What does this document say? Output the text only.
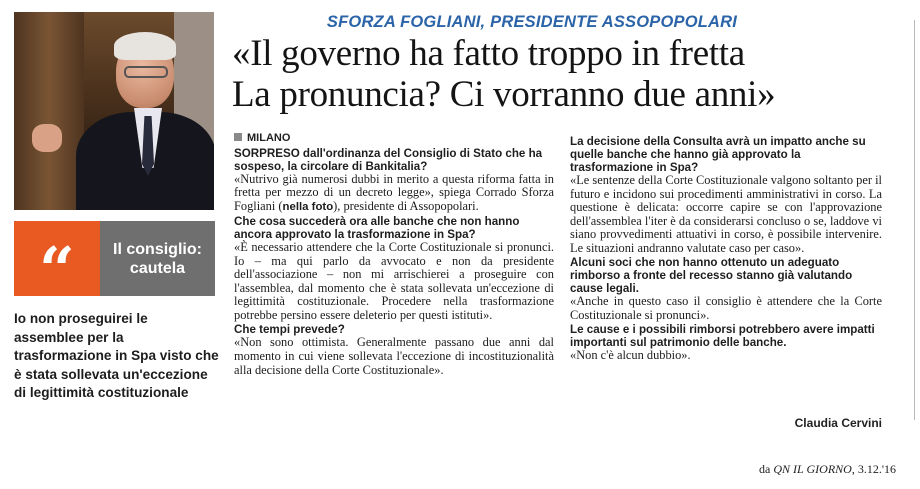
“	Il consiglio: cautela
Io non proseguirei le assemblee per la trasformazione in Spa visto che è stata sollevata un'eccezione di legittimità costituzionale
SFORZA FOGLIANI, PRESIDENTE ASSOPOPOLARI
«Il governo ha fatto troppo in fretta
La pronuncia? Ci vorranno due anni»
MILANO

SORPRESO dall'ordinanza del Consiglio di Stato che ha sospeso, la circolare di Bankitalia?

«Nutrivo già numerosi dubbi in merito a questa riforma fatta in fretta per mezzo di un decreto legge», spiega Corrado Sforza Fogliani (nella foto), presidente di Assopopolari.

Che cosa succederà ora alle banche che non hanno ancora approvato la trasformazione in Spa?

«È necessario attendere che la Corte Costituzionale si pronunci. Io – ma qui parlo da avvocato e non da presidente dell'associazione – non mi arrischierei a proseguire con l'assemblea, dal momento che è stata sollevata un'eccezione di legittimità costituzionale. Procedere nella trasformazione potrebbe persino essere deleterio per questi istituti».

Che tempi prevede?

«Non sono ottimista. Generalmente passano due anni dal momento in cui viene sollevata l'eccezione di incostituzionalità alla decisione della Corte Costituzionale».

La decisione della Consulta avrà un impatto anche su quelle banche che hanno già approvato la trasformazione in Spa?

«Le sentenze della Corte Costituzionale valgono soltanto per il futuro e incidono sui procedimenti amministrativi in corso. La questione è delicata: occorre capire se con l'approvazione dell'assemblea l'iter è da considerarsi concluso o se, laddove vi siano provvedimenti attuativi in corso, è possibile intervenire. Le situazioni andranno valutate caso per caso».

Alcuni soci che non hanno ottenuto un adeguato rimborso a fronte del recesso stanno già valutando cause legali.

«Anche in questo caso il consiglio è attendere che la Corte Costituzionale si pronunci».

Le cause e i possibili rimborsi potrebbero avere impatti importanti sul patrimonio delle banche.

«Non c'è alcun dubbio».

Claudia Cervini
da QN IL GIORNO, 3.12.'16
